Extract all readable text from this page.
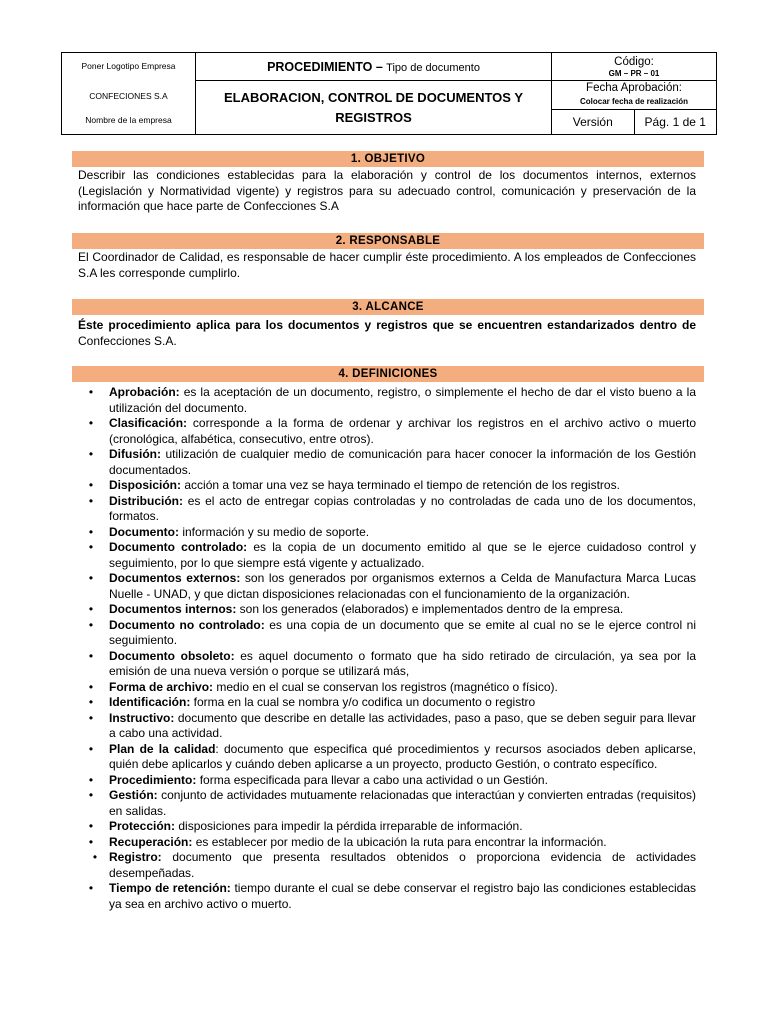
Poner Logotipo Empresa
CONFECIONES S.A
Nombre de la empresa
	PROCEDIMIENTO – Tipo de documento	Código:
GM – PR – 01

ELABORACION, CONTROL DE DOCUMENTOS Y REGISTROS	Fecha Aprobación:
Colocar fecha de realización

Versión	Pág. 1 de 1
1. OBJETIVO
Describir las condiciones establecidas para la elaboración y control de los documentos internos, externos (Legislación y Normatividad vigente) y registros para su adecuado control, comunicación y preservación de la información que hace parte de Confecciones S.A
2. RESPONSABLE
El Coordinador de Calidad, es responsable de hacer cumplir éste procedimiento. A los empleados de Confecciones S.A les corresponde cumplirlo.
3. ALCANCE
Éste procedimiento aplica para los documentos y registros que se encuentren estandarizados dentro de Confecciones S.A.
4. DEFINICIONES
•	Aprobación: es la aceptación de un documento, registro, o simplemente el hecho de dar el visto bueno a la utilización del documento.
•	Clasificación: corresponde a la forma de ordenar y archivar los registros en el archivo activo o muerto (cronológica, alfabética, consecutivo, entre otros).
•	Difusión: utilización de cualquier medio de comunicación para hacer conocer la información de los Gestión documentados.
•	Disposición: acción a tomar una vez se haya terminado el tiempo de retención de los registros.
•	Distribución: es el acto de entregar copias controladas y no controladas de cada uno de los documentos, formatos.
•	Documento: información y su medio de soporte.
•	Documento controlado: es la copia de un documento emitido al que se le ejerce cuidadoso control y seguimiento, por lo que siempre está vigente y actualizado.
•	Documentos externos: son los generados por organismos externos a Celda de Manufactura Marca Lucas Nuelle - UNAD, y que dictan disposiciones relacionadas con el funcionamiento de la organización.
•	Documentos internos: son los generados (elaborados) e implementados dentro de la empresa.
•	Documento no controlado: es una copia de un documento que se emite al cual no se le ejerce control ni seguimiento.
•	Documento obsoleto: es aquel documento o formato que ha sido retirado de circulación, ya sea por la emisión de una nueva versión o porque se utilizará más,
•	Forma de archivo: medio en el cual se conservan los registros (magnético o físico).
•	Identificación: forma en la cual se nombra y/o codifica un documento o registro
•	Instructivo: documento que describe en detalle las actividades, paso a paso, que se deben seguir para llevar a cabo una actividad.
•	Plan de la calidad: documento que especifica qué procedimientos y recursos asociados deben aplicarse, quién debe aplicarlos y cuándo deben aplicarse a un proyecto, producto Gestión, o contrato específico.
•	Procedimiento: forma especificada para llevar a cabo una actividad o un Gestión.
•	Gestión: conjunto de actividades mutuamente relacionadas que interactúan y convierten entradas (requisitos) en salidas.
•	Protección: disposiciones para impedir la pérdida irreparable de información.
•	Recuperación: es establecer por medio de la ubicación la ruta para encontrar la información.
• Registro: documento que presenta resultados obtenidos o proporciona evidencia de actividades desempeñadas.
•	Tiempo de retención: tiempo durante el cual se debe conservar el registro bajo las condiciones establecidas ya sea en archivo activo o muerto.
